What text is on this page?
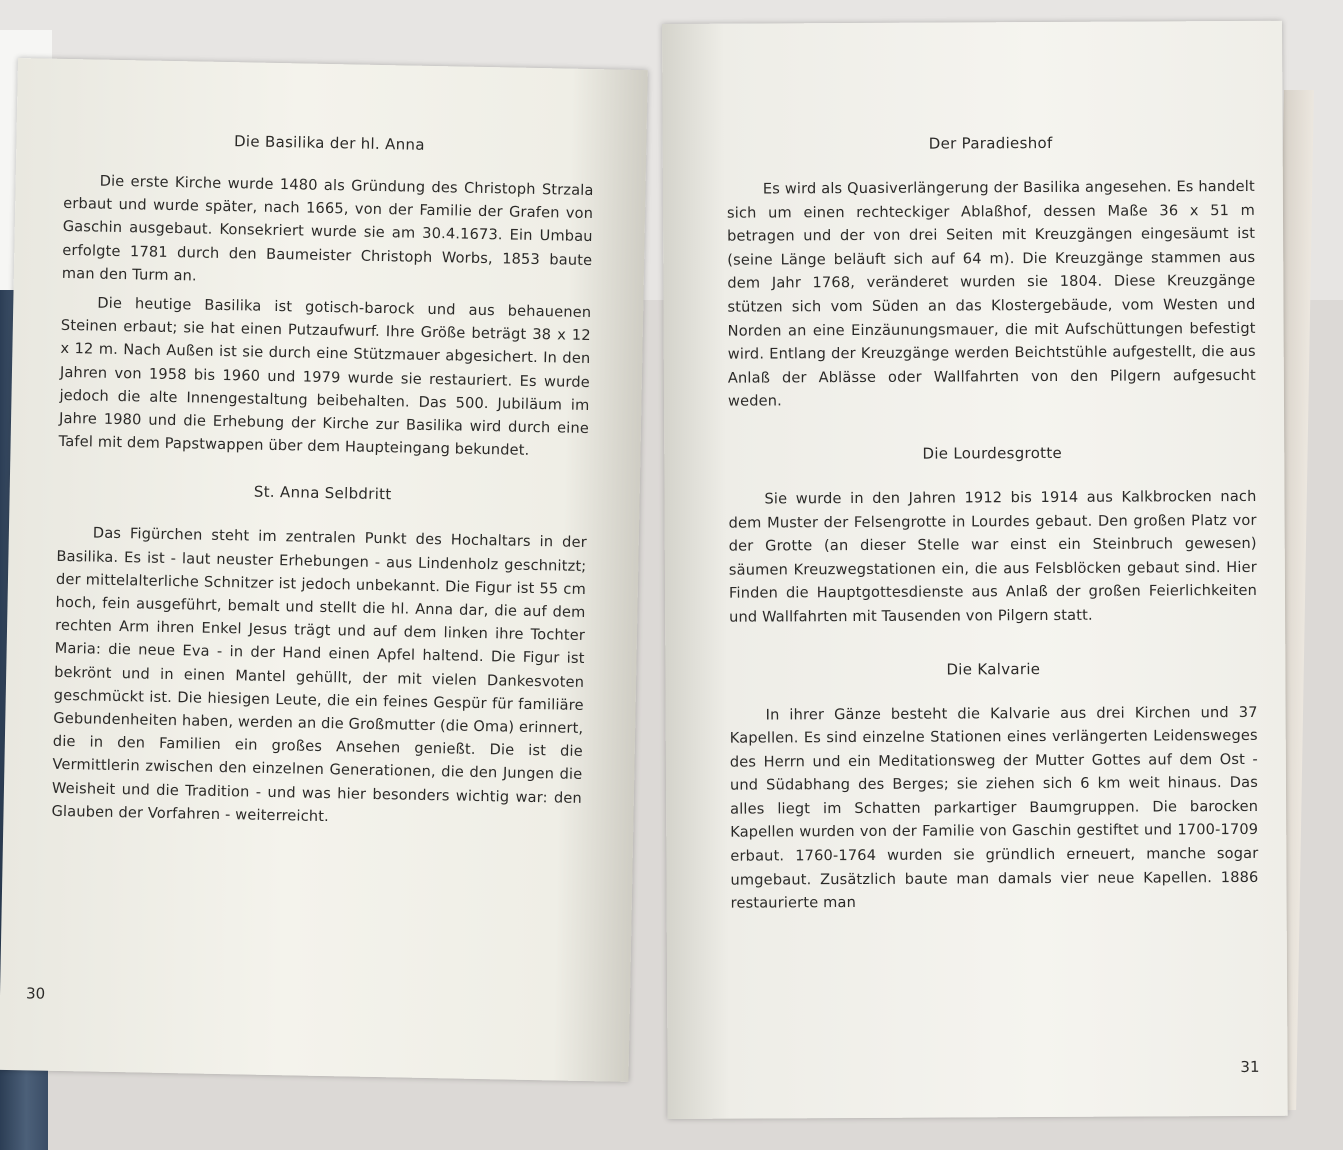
Die Basilika der hl. Anna

Die erste Kirche wurde 1480 als Gründung des Christoph Strzala erbaut und wurde später, nach 1665, von der Familie der Grafen von Gaschin ausgebaut. Konsekriert wurde sie am 30.4.1673. Ein Umbau erfolgte 1781 durch den Baumeister Christoph Worbs, 1853 baute man den Turm an.

Die heutige Basilika ist gotisch-barock und aus behauenen Steinen erbaut; sie hat einen Putzaufwurf. Ihre Größe beträgt 38 x 12 x 12 m. Nach Außen ist sie durch eine Stützmauer abgesichert. In den Jahren von 1958 bis 1960 und 1979 wurde sie restauriert. Es wurde jedoch die alte Innengestaltung beibehalten. Das 500. Jubiläum im Jahre 1980 und die Erhebung der Kirche zur Basilika wird durch eine Tafel mit dem Papstwappen über dem Haupteingang bekundet.

St. Anna Selbdritt

Das Figürchen steht im zentralen Punkt des Hochaltars in der Basilika. Es ist - laut neuster Erhebungen - aus Lindenholz geschnitzt; der mittelalterliche Schnitzer ist jedoch unbekannt. Die Figur ist 55 cm hoch, fein ausgeführt, bemalt und stellt die hl. Anna dar, die auf dem rechten Arm ihren Enkel Jesus trägt und auf dem linken ihre Tochter Maria: die neue Eva - in der Hand einen Apfel haltend. Die Figur ist bekrönt und in einen Mantel gehüllt, der mit vielen Dankesvoten geschmückt ist. Die hiesigen Leute, die ein feines Gespür für familiäre Gebundenheiten haben, werden an die Großmutter (die Oma) erinnert, die in den Familien ein großes Ansehen genießt. Die ist die Vermittlerin zwischen den einzelnen Generationen, die den Jungen die Weisheit und die Tradition - und was hier besonders wichtig war: den Glauben der Vorfahren - weiterreicht.

30
Der Paradieshof

Es wird als Quasiverlängerung der Basilika angesehen. Es handelt sich um einen rechteckiger Ablaßhof, dessen Maße 36 x 51 m betragen und der von drei Seiten mit Kreuzgängen eingesäumt ist (seine Länge beläuft sich auf 64 m). Die Kreuzgänge stammen aus dem Jahr 1768, veränderet wurden sie 1804. Diese Kreuzgänge stützen sich vom Süden an das Klostergebäude, vom Westen und Norden an eine Einzäunungsmauer, die mit Aufschüttungen befestigt wird. Entlang der Kreuzgänge werden Beichtstühle aufgestellt, die aus Anlaß der Ablässe oder Wallfahrten von den Pilgern aufgesucht weden.

Die Lourdesgrotte

Sie wurde in den Jahren 1912 bis 1914 aus Kalkbrocken nach dem Muster der Felsengrotte in Lourdes gebaut. Den großen Platz vor der Grotte (an dieser Stelle war einst ein Steinbruch gewesen) säumen Kreuzwegstationen ein, die aus Felsblöcken gebaut sind. Hier Finden die Hauptgottesdienste aus Anlaß der großen Feierlichkeiten und Wallfahrten mit Tausenden von Pilgern statt.

Die Kalvarie

In ihrer Gänze besteht die Kalvarie aus drei Kirchen und 37 Kapellen. Es sind einzelne Stationen eines verlängerten Leidensweges des Herrn und ein Meditationsweg der Mutter Gottes auf dem Ost - und Südabhang des Berges; sie ziehen sich 6 km weit hinaus. Das alles liegt im Schatten parkartiger Baumgruppen. Die barocken Kapellen wurden von der Familie von Gaschin gestiftet und 1700-1709 erbaut. 1760-1764 wurden sie gründlich erneuert, manche sogar umgebaut. Zusätzlich baute man damals vier neue Kapellen. 1886 restaurierte man

31
